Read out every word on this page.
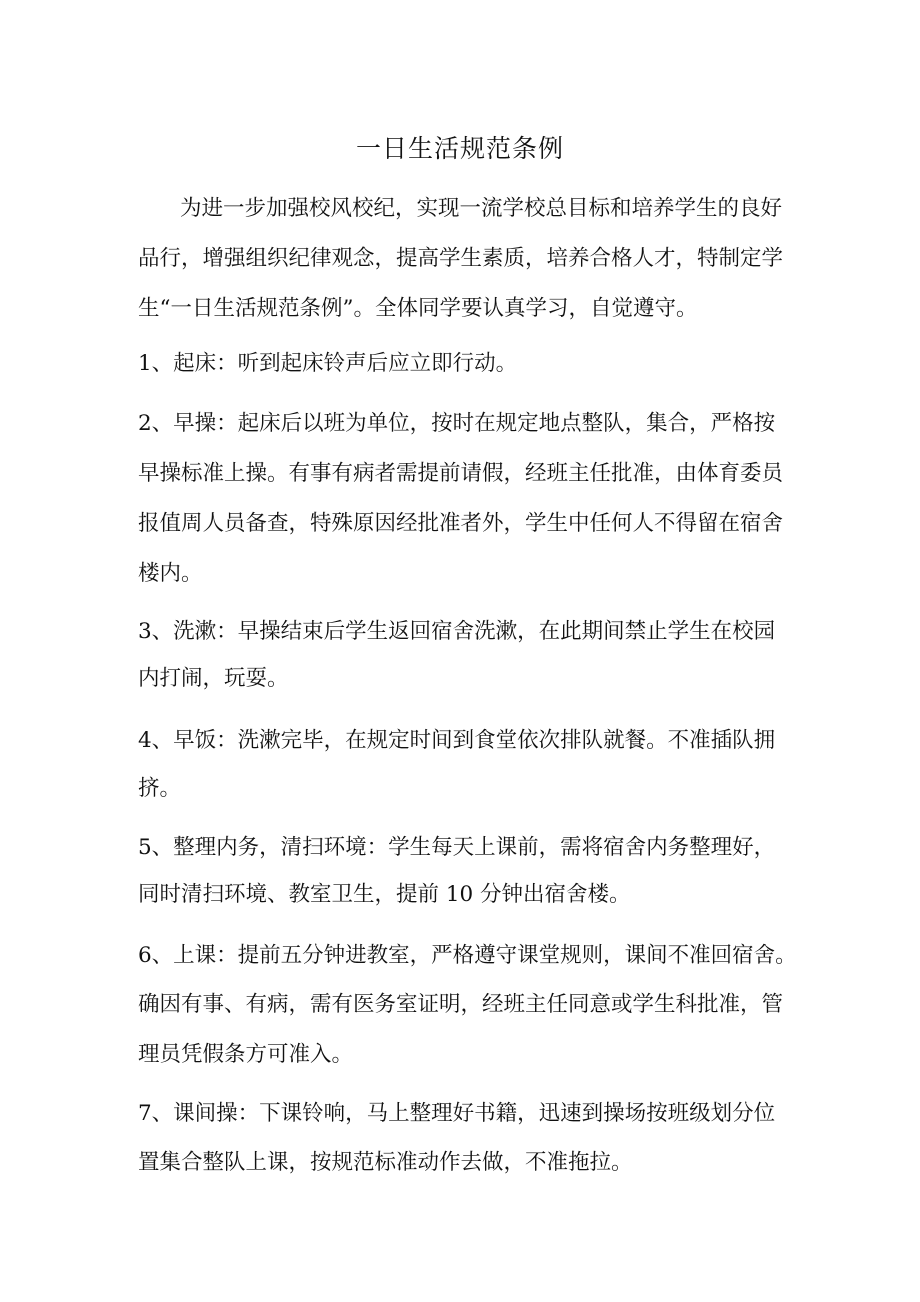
一日生活规范条例

为进一步加强校风校纪，实现一流学校总目标和培养学生的良好

品行，增强组织纪律观念，提高学生素质，培养合格人才，特制定学

生“一日生活规范条例”。全体同学要认真学习，自觉遵守。

1、起床：听到起床铃声后应立即行动。

2、早操：起床后以班为单位，按时在规定地点整队，集合，严格按

早操标准上操。有事有病者需提前请假，经班主任批准，由体育委员

报值周人员备查，特殊原因经批准者外，学生中任何人不得留在宿舍

楼内。

3、洗漱：早操结束后学生返回宿舍洗漱，在此期间禁止学生在校园

内打闹，玩耍。

4、早饭：洗漱完毕，在规定时间到食堂依次排队就餐。不准插队拥

挤。

5、整理内务，清扫环境：学生每天上课前，需将宿舍内务整理好，

同时清扫环境、教室卫生，提前 10 分钟出宿舍楼。

6、上课：提前五分钟进教室，严格遵守课堂规则，课间不准回宿舍。

确因有事、有病，需有医务室证明，经班主任同意或学生科批准，管

理员凭假条方可准入。

7、课间操：下课铃响，马上整理好书籍，迅速到操场按班级划分位

置集合整队上课，按规范标准动作去做，不准拖拉。
